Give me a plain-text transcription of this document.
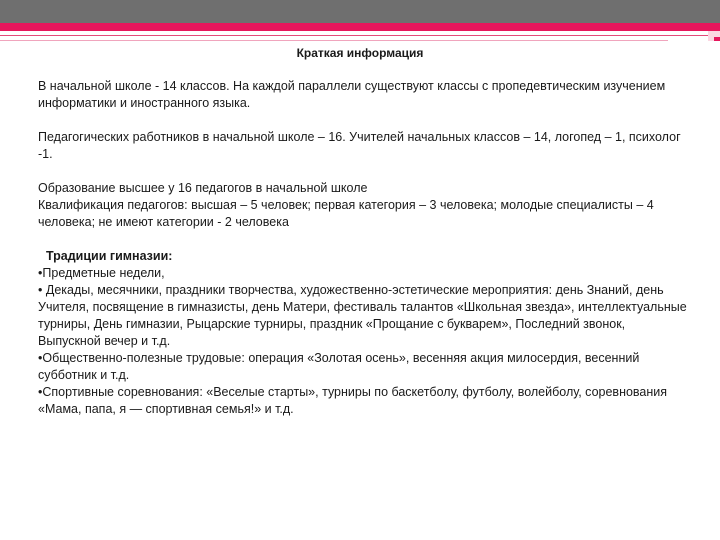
Краткая информация

В начальной школе - 14 классов. На каждой параллели существуют классы с пропедевтическим изучением информатики и иностранного языка.

Педагогических работников в начальной школе – 16. Учителей начальных классов – 14, логопед – 1, психолог -1.

Образование высшее у 16 педагогов в начальной школе

Квалификация педагогов: высшая – 5 человек; первая категория – 3 человека; молодые специалисты – 4 человека; не имеют категории - 2 человека

Традиции гимназии:

•Предметные недели,

• Декады, месячники, праздники творчества, художественно-эстетические мероприятия: день Знаний, день Учителя, посвящение в гимназисты, день Матери, фестиваль талантов «Школьная звезда», интеллектуальные турниры, День гимназии, Рыцарские турниры, праздник «Прощание с букварем», Последний звонок, Выпускной вечер и т.д.

•Общественно-полезные трудовые: операция «Золотая осень», весенняя акция милосердия, весенний субботник и т.д.

•Спортивные соревнования: «Веселые старты», турниры по баскетболу, футболу, волейболу, соревнования «Мама, папа, я — спортивная семья!» и т.д.
